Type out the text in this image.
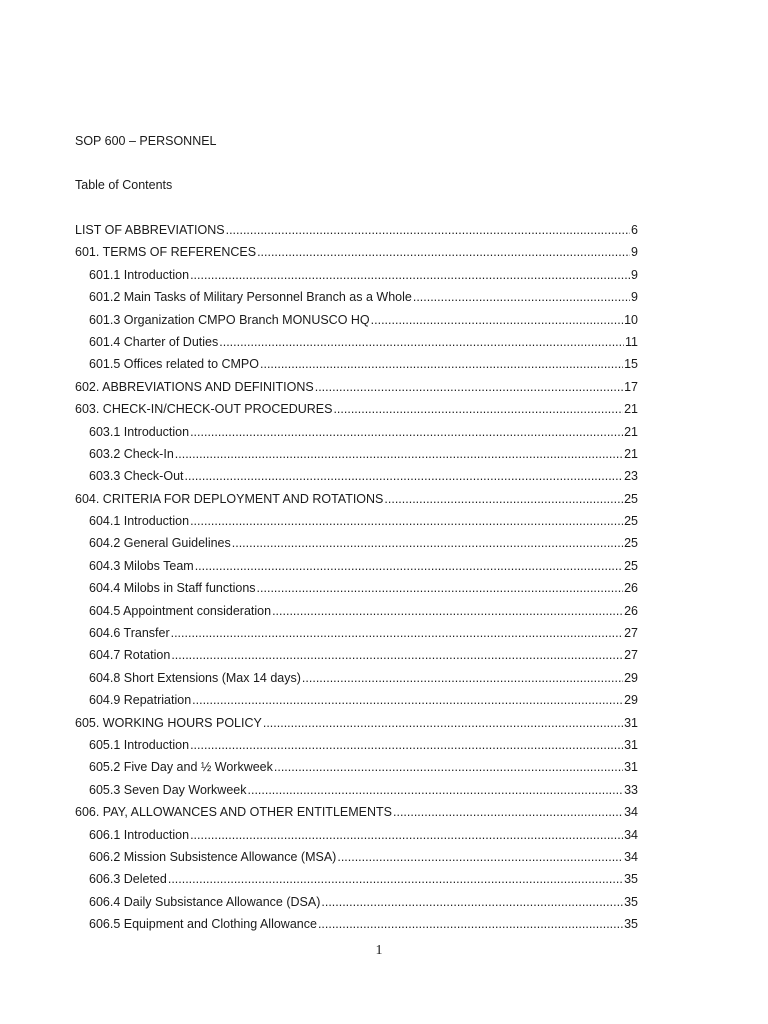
SOP 600 – PERSONNEL
Table of Contents
LIST OF ABBREVIATIONS .....	6
601. TERMS OF REFERENCES .....	9
601.1 Introduction .....	9
601.2 Main Tasks of Military Personnel Branch as a Whole .....	9
601.3 Organization CMPO Branch MONUSCO HQ .....	10
601.4 Charter of Duties .....	11
601.5 Offices related to CMPO .....	15
602. ABBREVIATIONS AND DEFINITIONS .....	17
603. CHECK-IN/CHECK-OUT PROCEDURES .....	21
603.1 Introduction .....	21
603.2 Check-In .....	21
603.3 Check-Out .....	23
604. CRITERIA FOR DEPLOYMENT AND ROTATIONS .....	25
604.1 Introduction .....	25
604.2 General Guidelines .....	25
604.3 Milobs Team .....	25
604.4 Milobs in Staff functions .....	26
604.5 Appointment consideration .....	26
604.6 Transfer .....	27
604.7 Rotation .....	27
604.8 Short Extensions (Max 14 days) .....	29
604.9 Repatriation .....	29
605. WORKING HOURS POLICY .....	31
605.1 Introduction .....	31
605.2 Five Day and ½ Workweek .....	31
605.3 Seven Day Workweek .....	33
606. PAY, ALLOWANCES AND OTHER ENTITLEMENTS .....	34
606.1 Introduction .....	34
606.2 Mission Subsistence Allowance (MSA) .....	34
606.3 Deleted .....	35
606.4 Daily Subsistance Allowance (DSA) .....	35
606.5 Equipment and Clothing Allowance .....	35
1
